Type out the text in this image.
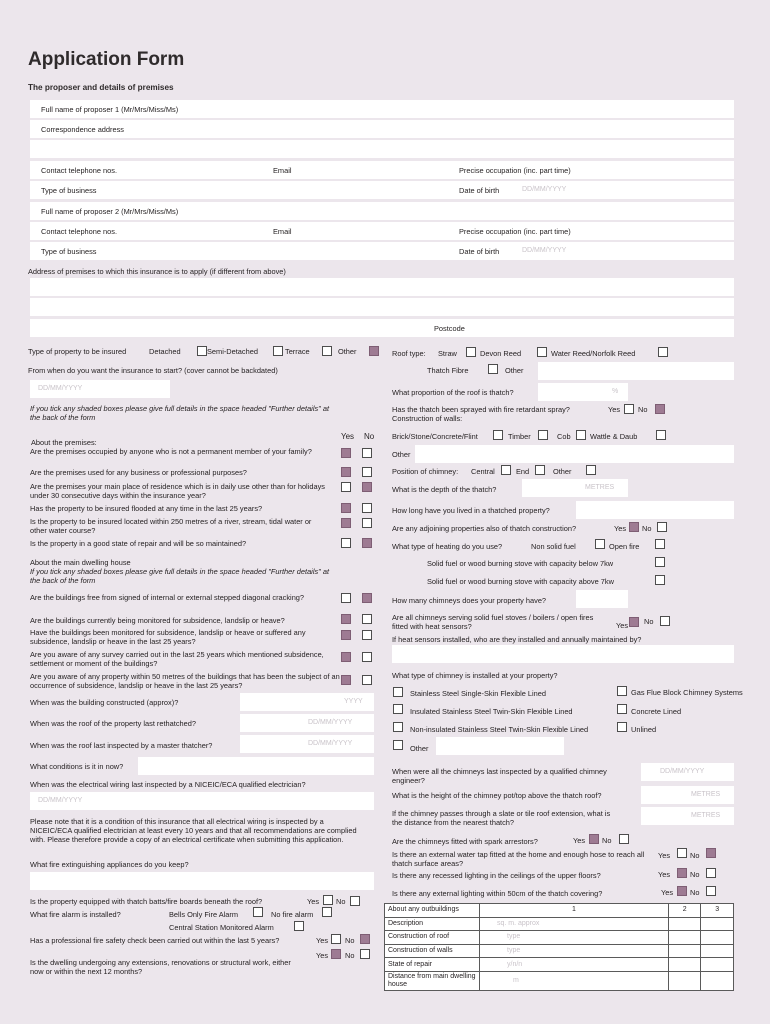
Application Form
The proposer and details of premises
Full name of proposer 1 (Mr/Mrs/Miss/Ms)
Correspondence address
Contact telephone nos.	Email	Precise occupation (inc. part time)
Type of business	Date of birth	DD/MM/YYYY
Full name of proposer 2 (Mr/Mrs/Miss/Ms)
Contact telephone nos.	Email	Precise occupation (inc. part time)
Type of business	Date of birth	DD/MM/YYYY
Address of premises to which this insurance is to apply (if different from above)
Postcode
Type of property to be insured	Detached	Semi-Detached	Terrace	Other
From when do you want the insurance to start? (cover cannot be backdated)
DD/MM/YYYY
If you tick any shaded boxes please give full details in the space headed "Further details" at the back of the form
Yes No
About the premises:
Are the premises occupied by anyone who is not a permanent member of your family?
Are the premises used for any business or professional purposes?
Are the premises your main place of residence which is in daily use other than for holidays under 30 consecutive days within the insurance year?
Has the property to be insured flooded at any time in the last 25 years?
Is the property to be insured located within 250 metres of a river, stream, tidal water or other water course?
Is the property in a good state of repair and will be so maintained?
About the main dwelling house
If you tick any shaded boxes please give full details in the space headed "Further details" at the back of the form
Are the buildings free from signed of internal or external stepped diagonal cracking?
Are the buildings currently being monitored for subsidence, landslip or heave?
Have the buildings been monitored for subsidence, landslip or heave or suffered any subsidence, landslip or heave in the last 25 years?
Are you aware of any survey carried out in the last 25 years which mentioned subsidence, settlement or moment of the buildings?
Are you aware of any property within 50 metres of the buildings that has been the subject of an occurrence of subsidence, landslip or heave in the last 25 years?
When was the building constructed (approx)?	YYYY
When was the roof of the property last rethatched?	DD/MM/YYYY
When was the roof last inspected by a master thatcher?	DD/MM/YYYY
What conditions is it in now?
When was the electrical wiring last inspected by a NICEIC/ECA qualified electrician?
DD/MM/YYYY
Please note that it is a condition of this insurance that all electrical wiring is inspected by a NICEIC/ECA qualified electrician at least every 10 years and that all recommendations are complied with. Please therefore provide a copy of an electrical certificate when submitting this application.
What fire extinguishing appliances do you keep?
Is the property equipped with thatch batts/fire boards beneath the roof?	Yes No
What fire alarm is installed?	Bells Only Fire Alarm	No fire alarm
Central Station Monitored Alarm
Has a professional fire safety check been carried out within the last 5 years?	Yes No
Is the dwelling undergoing any extensions, renovations or structural work, either now or within the next 12 months?
Yes No
Roof type: Straw	Devon Reed	Water Reed/Norfolk Reed
Thatch Fibre	Other
What proportion of the roof is thatch?	%
Has the thatch been sprayed with fire retardant spray? Construction of walls:
Yes No
Brick/Stone/Concrete/Flint	Timber	Cob	Wattle & Daub
Other
Position of chimney: Central	End	Other
What is the depth of the thatch?	METRES
How long have you lived in a thatched property?
Are any adjoining properties also of thatch construction?	Yes No
What type of heating do you use?	Non solid fuel	Open fire
Solid fuel or wood burning stove with capacity below 7kw
Solid fuel or wood burning stove with capacity above 7kw
How many chimneys does your property have?
Are all chimneys serving solid fuel stoves / boilers / open fires fitted with heat sensors?	Yes No
If heat sensors installed, who are they installed and annually maintained by?
What type of chimney is installed at your property?
Stainless Steel Single-Skin Flexible Lined	Gas Flue Block Chimney Systems
Insulated Stainless Steel Twin-Skin Flexible Lined	Concrete Lined
Non-insulated Stainless Steel Twin-Skin Flexible Lined	Unlined
Other
When were all the chimneys last inspected by a qualified chimney engineer?
DD/MM/YYYY
What is the height of the chimney pot/top above the thatch roof?	METRES
If the chimney passes through a slate or tile roof extension, what is the distance from the nearest thatch?
METRES
Are the chimneys fitted with spark arrestors?	Yes No
Is there an external water tap fitted at the home and enough hose to reach all thatch surface areas?
Yes	No
Is there any recessed lighting in the ceilings of the upper floors?	Yes	No
Is there any external lighting within 50cm of the thatch covering?	Yes No
About any outbuildings	1	2	3
Description	sq. m. approx		
Construction of roof	type		
Construction of walls	type		
State of repair	y/n/n		
Distance from main dwelling house	m		
